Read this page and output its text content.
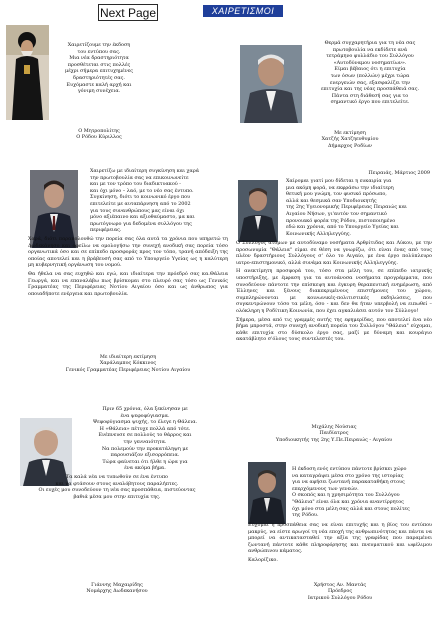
Next Page	ΧΑΙΡΕΤΙΣΜΟΙ
Χαιρετίζουμε την έκδοση
του εντύπου σας.
Μια νέα δραστηριότητα
προσθέτεται στις πολλές
μέχρι σήμερα επιτυχημένες
δραστηριότητές σας.
Ευχόμαστε καλή αρχή και
γόνιμη συνέχεια.
Ο Μητροπολίτης
Ο Ρόδου Κύριλλος
Θερμά συγχαρητήρια για τη νέα σας
πρωτοβουλία να εκδίδετε ανά
τετράμηνο φυλλάδιο του Συλλόγου
«Αυτοδύναμου νοσηματίων».
Είμαι βέβαιος ότι η επιτυχία
των όσων (πολλών) μέχρι τώρα
ενεργειών σας, εξασφαλίζει την
επιτυχία και της νέας προσπάθειά σας.
Πάντα στη διάθεσή σας για το
σημαντικό έργο που επιτελείτε.
Με εκτίμηση
Χατζής Χατζηευθυμίου
Δήμαρχος Ροδίων
Χαιρετίζω με ιδιαίτερη συγκίνηση και χαρά
την πρωτοβουλία σας να επικοινωνείτε
και με τον τρόπο του διαδικτυακού -
και όχι μόνο – λαό, με το νέο σας έντυπο.
Συγκίνηση, διότι το κοινωνικό έργο που
επιτελείτε με αυταπάρνηση από το 2002
για τους συνανθρώπους μας είναι όχι
μόνο αξιέπαινο και αξιοθαύμαστο, μα και
πρωτόγνωρο για δεδομένα συλλόγου της
περιφέρειας.

Χαρά, διότι παρακολουθώ την πορεία σας όλα αυτά τα χρόνια που υπηρετώ τη Δωδεκάνησο και οφείλω να ομολογήσω την συνεχή ανοδική σας πορεία τόσο οργανωτικά όσο και σε επίπεδο προσφοράς προς τον τόπο, τρανή απόδειξη της οποίας αποτελεί και η βράβευσή σας από το Υπουργείο Υγείας ως η καλύτερη μη κυβερνητική οργάνωση του νομού.

Θα ήθελα να σας ευχηθώ και εγώ, και ιδιαίτερα την πρόεδρό σας κα.Θάλεια Γεωργά, και να επαναλάβω πως βρίσκομαι στο πλευρό σας τόσο ως Γενικός Γραμματέας της Περιφέρειας Νοτίου Αιγαίου όσο και ως άνθρωπος για οποιαδήποτε ενέργεια και πρωτοβουλία.

Με ιδιαίτερη εκτίμηση
Χαράλαμπος Κόκκινος
Γενικός Γραμματέας Περιφέρειας Νοτίου Αιγαίου
Πειραιάς, Μάρτιος 2009
Χαίρομαι γιατί μου δίδεται η ευκαιρία για
μια ακόμη φορά, να εκφράσω την ιδιαίτερη
θετική μου γνώμη, τον φυσικό πρόσωπο,
αλλά και θεσμικά σαν Υποδιοικητής
της 2ης Υγειονομικής Περιφέρειας Πειραιώς και
Αιγαίου Νήσων, γι'αυτόν τον σημαντικό
προνοιακό φορέα της Ρόδου, πιστοποιημένο
εδώ και χρόνια, από το Υπουργείο Υγείας και
Κοινωνικής Αλληλεγγύης.

Ο Σύλλογος ατόμων με αυτοδύναμο νοσήματα Αρθρίτιδας και Λύκου, με την προσωνυμία "Θάλεια" είμαι σε θέση να γνωρίζω, ότι είναι ένας από τους πλέον δραστήριους Συλλόγους σ' όλο το Αιγαίο, με ένα έργο πολύπλευρο ιατρο-επιστημονικό, αλλά συνάμα και Κοινωνικής Αλληλεγγύης.

Η ανεκτίμητη προσφορά του, τόσο στα μέλη του, σε επίπεδο ιατρικής υποστήριξης, με έμφαση για τα αυτοάνοσα νοσήματα προγράμματα, που συνοδεύουν πάντοτε την επίσκεψη και έγκυρη θεραπευτική ενημέρωση, από Έλληνες και ξένους διακεκριμένους επιστήμονες του χώρου, συμπληρώνονται με κοινωνικές-πολιτιστικές εκδηλώσεις, που συγκεντρώνουν τόσο τα μέλη, όσο - και δεν θα ήταν υπερβολή να ειπωθεί – ολόκληρη η Ροδίτικη Κοινωνία, που έχει αγκαλιάσει αυτόν τον Σύλλογο!

Σήμερα, μέσα από τις γραμμές αυτής της εφημερίδας, που αποτελεί ένα νέο βήμα μπροστά, στην συνεχή ανοδική πορεία του Συλλόγου "Θάλεια" εύχομαι, κάθε επιτυχία στο δύσκολο έργο σας, μαζί με δύναμη και κουράγιο ακατάβλητο σ'όλους τους συντελεστές του.

Μιχάλης Νούσιας
Παιδίατρος
Υποδιοικητής της 2ης Υ.Πε.Πειραιώς - Αιγαίου
Πριν 65 χρόνια, όλα ξεκίνησαν με
ένα ψεφοφύγιασμα.
Ψεφοφύγιασμα ψυχής, το έλεγε η Θάλεια.
Η «Θάλεια» πέτυχε πολλά από τότε.
Ενέπνευσε σε πολλούς το θάρρος και
την γενναιότητα.
Να πολεμούν την προκατάληψη με
παρουσιάζον εξισορρόπεια.
Τώρα φαίνεται ότι ήλθε η ώρα για
ένα ακόμα βήμα.
Τα καλά νέα να τυπωθούν σε ένα έντυπο
και να φτάσουν στους αναλόβητους παραλήπτες.
Οι ευχές μου συνοδεύουν τη νέα σας προσπάθεια, πιστεύοντας
βαθιά μέσα μου στην επιτυχία της.
Γιάννης Μαχαιρίδης
Νομάρχης Δωδεκανήσου
Η έκδοση ενός εντύπου πάντοτε βρίσκει χώρο
να καταγράψει μέσα στο χρόνο της ιστορίας
για να αφήσει ζωντανή παρακαταθήκη στους
επερχόμενους των γενεών.
Ο σκοπός και η χρησιμότητα του Συλλόγου
"Θάλεια" είναι όλα και χρόνια αναντίρρητος
όχι μόνο στα μέλη σας αλλά και στους πολίτες
της Ρόδου.

Εύχομαι η προσπάθεια σας να είναι επιτυχής και η βίος του εντύπου μακρύς, να είστε αρωγοί τη νέα εποχή της ανθρωπινότητας και πάντα να μπορεί να αντικατασταθεί την αξία της γραφίδας που παραμένει ζωντανή πάντοτε κάθε πληροφόρησης και πνευματικού και ωφέλιμου ανθρώπινου κάματος.

Καλορίζικο.

Χρήστος Αν. Μαντάς
Πρόεδρος
Ιατρικού Συλλόγου Ρόδου
